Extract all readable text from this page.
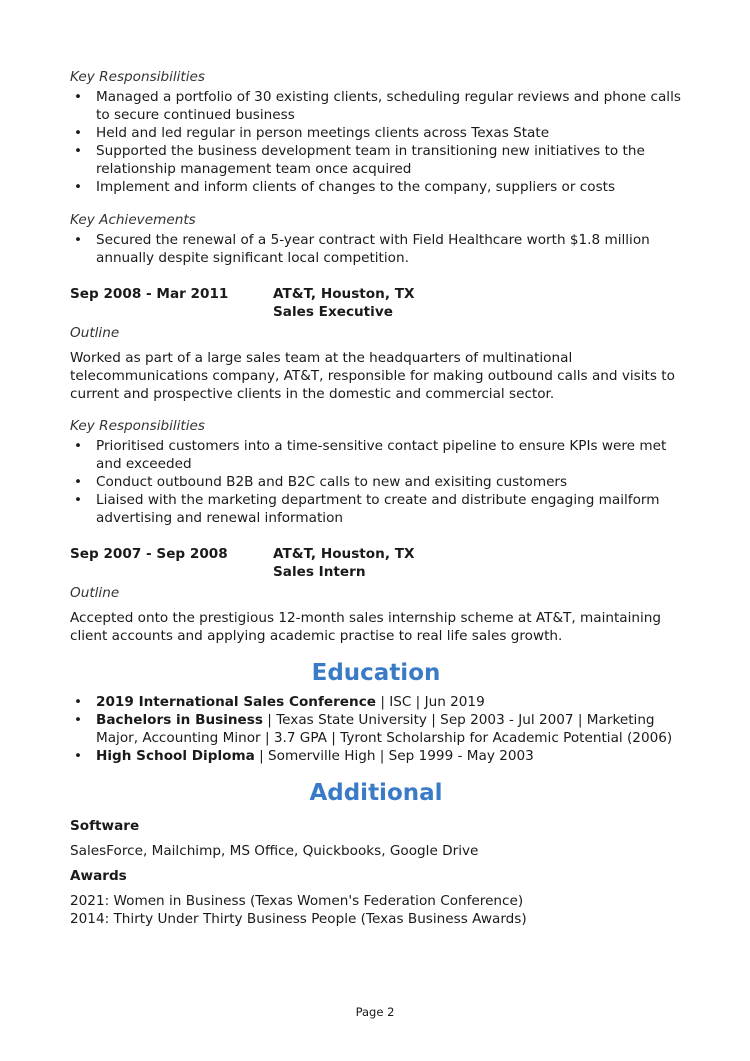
Key Responsibilities

• Managed a portfolio of 30 existing clients, scheduling regular reviews and phone calls to secure continued business
• Held and led regular in person meetings clients across Texas State
• Supported the business development team in transitioning new initiatives to the relationship management team once acquired
• Implement and inform clients of changes to the company, suppliers or costs

Key Achievements

• Secured the renewal of a 5-year contract with Field Healthcare worth $1.8 million annually despite significant local competition.
Sep 2008 - Mar 2011	AT&T, Houston, TX
Sales Executive

Outline

Worked as part of a large sales team at the headquarters of multinational telecommunications company, AT&T, responsible for making outbound calls and visits to current and prospective clients in the domestic and commercial sector.

Key Responsibilities

• Prioritised customers into a time-sensitive contact pipeline to ensure KPIs were met and exceeded
• Conduct outbound B2B and B2C calls to new and exisiting customers
• Liaised with the marketing department to create and distribute engaging mailform advertising and renewal information
Sep 2007 - Sep 2008	AT&T, Houston, TX
Sales Intern

Outline

Accepted onto the prestigious 12-month sales internship scheme at AT&T, maintaining client accounts and applying academic practise to real life sales growth.

Education
• 2019 International Sales Conference | ISC | Jun 2019
• Bachelors in Business | Texas State University | Sep 2003 - Jul 2007 | Marketing Major, Accounting Minor | 3.7 GPA | Tyront Scholarship for Academic Potential (2006)
• High School Diploma | Somerville High | Sep 1999 - May 2003
Additional

Software

SalesForce, Mailchimp, MS Office, Quickbooks, Google Drive

Awards

2021: Women in Business (Texas Women's Federation Conference)

2014: Thirty Under Thirty Business People (Texas Business Awards)

Page 2
